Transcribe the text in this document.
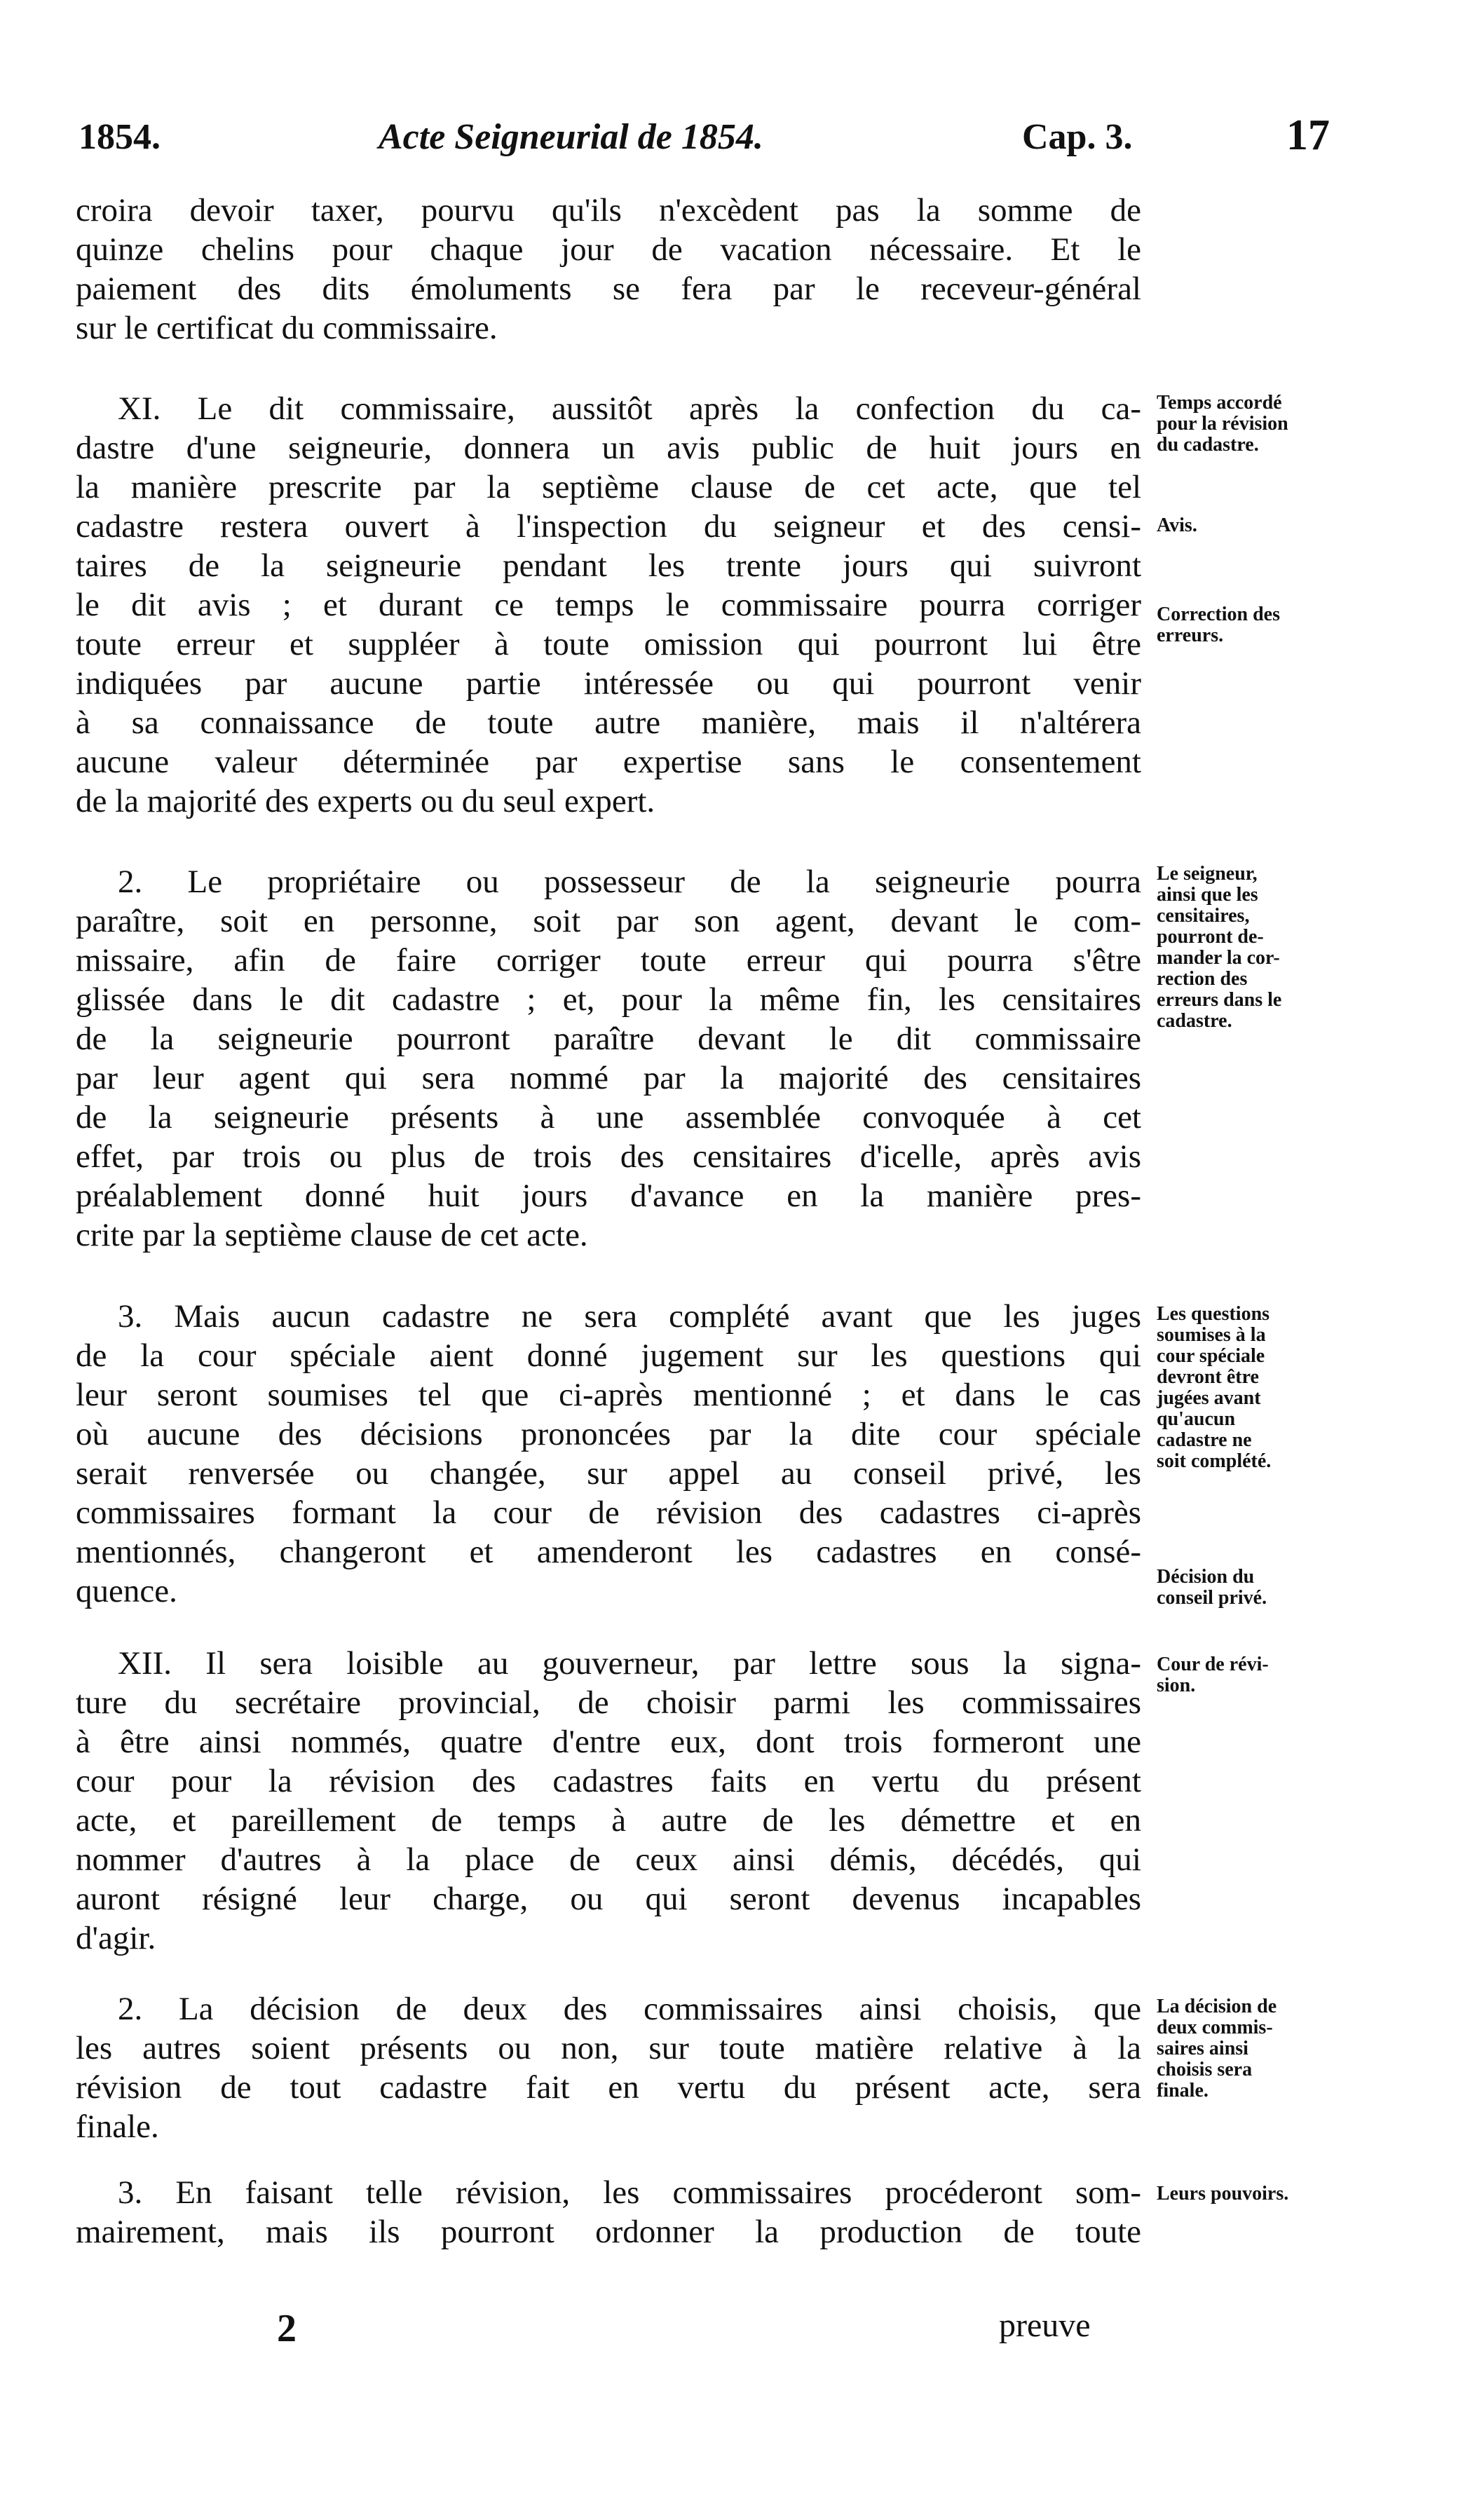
1854.	Acte Seigneurial de 1854.	Cap. 3.	17
croira devoir taxer, pourvu qu'ils n'excèdent pas la somme de
quinze chelins pour chaque jour de vacation nécessaire. Et le
paiement des dits émoluments se fera par le receveur-général
sur le certificat du commissaire.
XI. Le dit commissaire, aussitôt après la confection du ca-
dastre d'une seigneurie, donnera un avis public de huit jours en
la manière prescrite par la septième clause de cet acte, que tel
cadastre restera ouvert à l'inspection du seigneur et des censi-
taires de la seigneurie pendant les trente jours qui suivront
le dit avis ; et durant ce temps le commissaire pourra corriger
toute erreur et suppléer à toute omission qui pourront lui être
indiquées par aucune partie intéressée ou qui pourront venir
à sa connaissance de toute autre manière, mais il n'altérera
aucune valeur déterminée par expertise sans le consentement
de la majorité des experts ou du seul expert.
2. Le propriétaire ou possesseur de la seigneurie pourra
paraître, soit en personne, soit par son agent, devant le com-
missaire, afin de faire corriger toute erreur qui pourra s'être
glissée dans le dit cadastre ; et, pour la même fin, les censitaires
de la seigneurie pourront paraître devant le dit commissaire
par leur agent qui sera nommé par la majorité des censitaires
de la seigneurie présents à une assemblée convoquée à cet
effet, par trois ou plus de trois des censitaires d'icelle, après avis
préalablement donné huit jours d'avance en la manière pres-
crite par la septième clause de cet acte.
3. Mais aucun cadastre ne sera complété avant que les juges
de la cour spéciale aient donné jugement sur les questions qui
leur seront soumises tel que ci-après mentionné ; et dans le cas
où aucune des décisions prononcées par la dite cour spéciale
serait renversée ou changée, sur appel au conseil privé, les
commissaires formant la cour de révision des cadastres ci-après
mentionnés, changeront et amenderont les cadastres en consé-
quence.
XII. Il sera loisible au gouverneur, par lettre sous la signa-
ture du secrétaire provincial, de choisir parmi les commissaires
à être ainsi nommés, quatre d'entre eux, dont trois formeront une
cour pour la révision des cadastres faits en vertu du présent
acte, et pareillement de temps à autre de les démettre et en
nommer d'autres à la place de ceux ainsi démis, décédés, qui
auront résigné leur charge, ou qui seront devenus incapables
d'agir.
2. La décision de deux des commissaires ainsi choisis, que
les autres soient présents ou non, sur toute matière relative à la
révision de tout cadastre fait en vertu du présent acte, sera
finale.
3. En faisant telle révision, les commissaires procéderont som-
mairement, mais ils pourront ordonner la production de toute
Temps accordé
pour la révision
du cadastre.
Avis.
Correction des
erreurs.
Le seigneur,
ainsi que les
censitaires,
pourront de-
mander la cor-
rection des
erreurs dans le
cadastre.
Les questions
soumises à la
cour spéciale
devront être
jugées avant
qu'aucun
cadastre ne
soit complété.
Décision du
conseil privé.
Cour de révi-
sion.
La décision de
deux commis-
saires ainsi
choisis sera
finale.
Leurs pouvoirs.
2	preuve
